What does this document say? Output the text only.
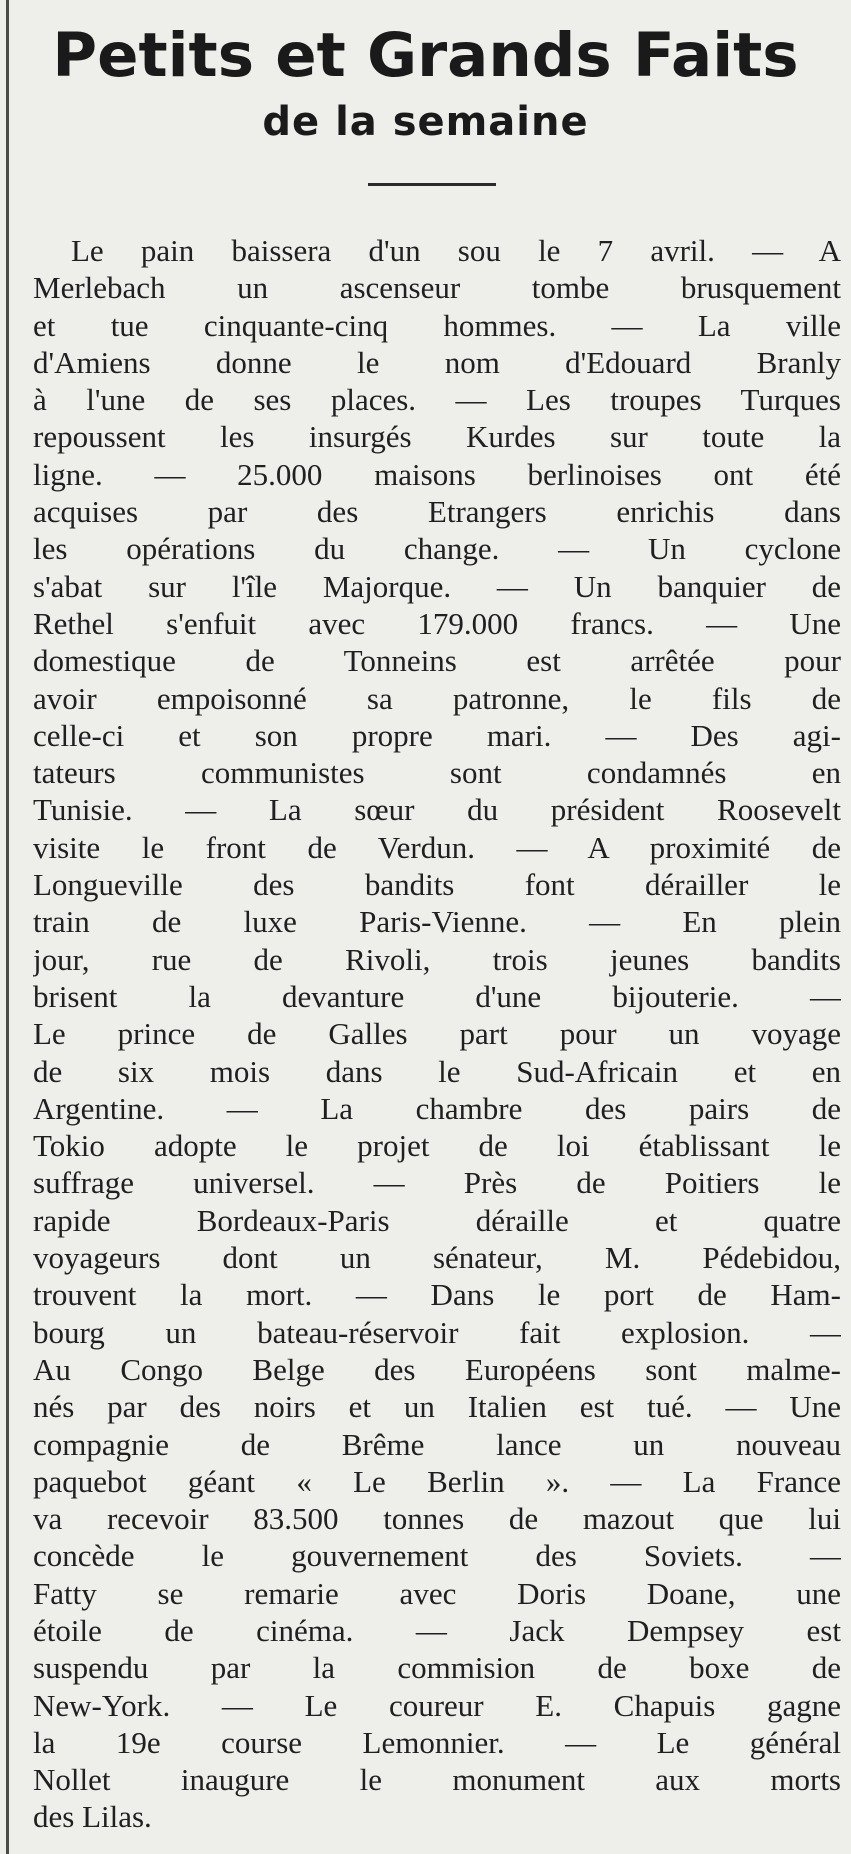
Petits et Grands Faits
de la semaine
Le pain baissera d'un sou le 7 avril. — A
Merlebach un ascenseur tombe brusquement
et tue cinquante-cinq hommes. — La ville
d'Amiens donne le nom d'Edouard Branly
à l'une de ses places. — Les troupes Turques
repoussent les insurgés Kurdes sur toute la
ligne. — 25.000 maisons berlinoises ont été
acquises par des Etrangers enrichis dans
les opérations du change. — Un cyclone
s'abat sur l'île Majorque. — Un banquier de
Rethel s'enfuit avec 179.000 francs. — Une
domestique de Tonneins est arrêtée pour
avoir empoisonné sa patronne, le fils de
celle-ci et son propre mari. — Des agi-
tateurs communistes sont condamnés en
Tunisie. — La sœur du président Roosevelt
visite le front de Verdun. — A proximité de
Longueville des bandits font dérailler le
train de luxe Paris-Vienne. — En plein
jour, rue de Rivoli, trois jeunes bandits
brisent la devanture d'une bijouterie. —
Le prince de Galles part pour un voyage
de six mois dans le Sud-Africain et en
Argentine. — La chambre des pairs de
Tokio adopte le projet de loi établissant le
suffrage universel. — Près de Poitiers le
rapide Bordeaux-Paris déraille et quatre
voyageurs dont un sénateur, M. Pédebidou,
trouvent la mort. — Dans le port de Ham-
bourg un bateau-réservoir fait explosion. —
Au Congo Belge des Européens sont malme-
nés par des noirs et un Italien est tué. — Une
compagnie de Brême lance un nouveau
paquebot géant « Le Berlin ». — La France
va recevoir 83.500 tonnes de mazout que lui
concède le gouvernement des Soviets. —
Fatty se remarie avec Doris Doane, une
étoile de cinéma. — Jack Dempsey est
suspendu par la commision de boxe de
New-York. — Le coureur E. Chapuis gagne
la 19e course Lemonnier. — Le général
Nollet inaugure le monument aux morts
des Lilas.
